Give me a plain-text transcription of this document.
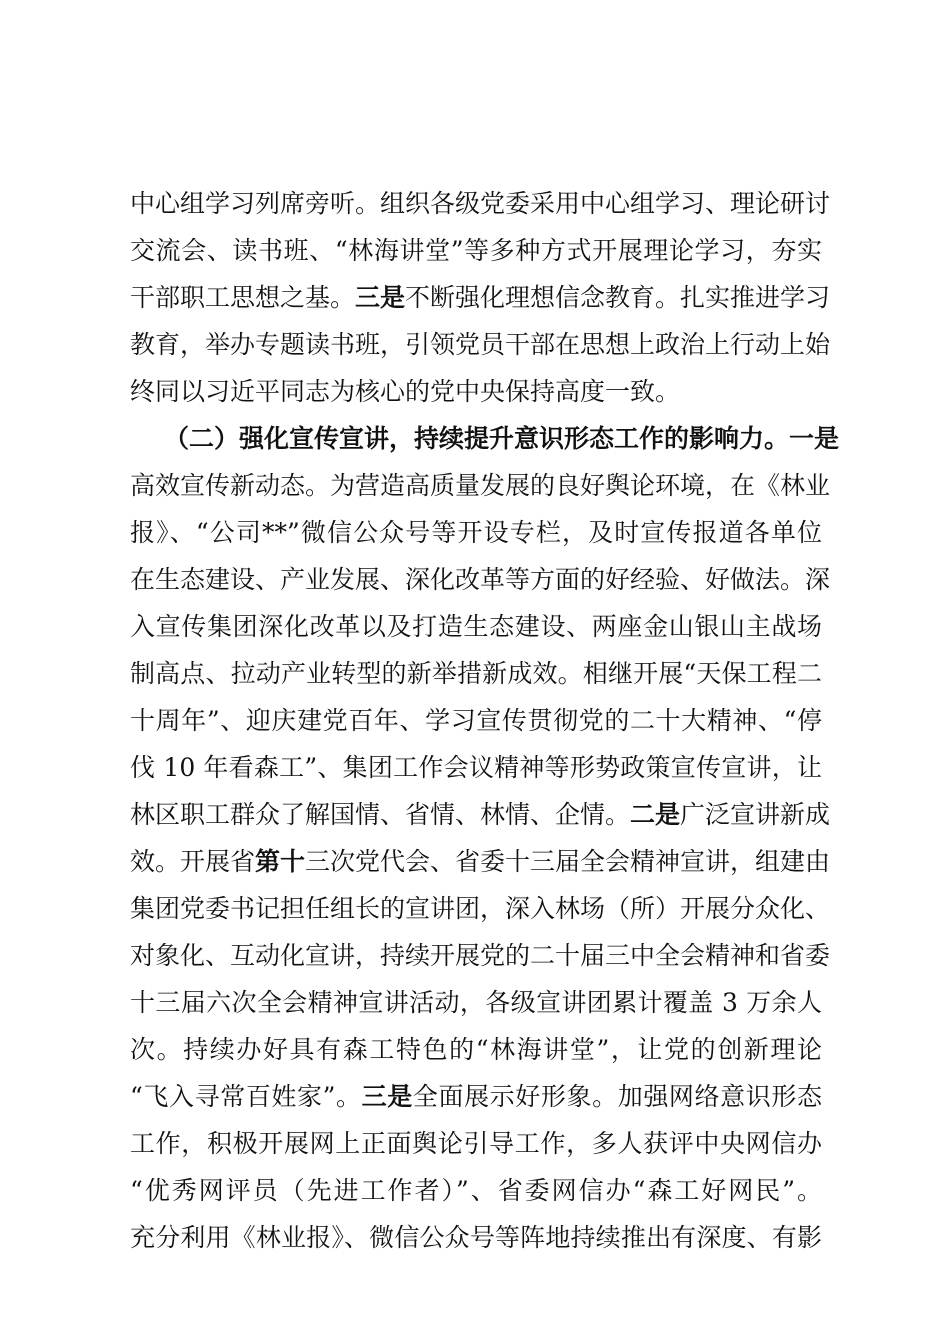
中心组学习列席旁听。组织各级党委采用中心组学习、理论研讨
交流会、读书班、“林海讲堂”等多种方式开展理论学习，夯实
干部职工思想之基。三是不断强化理想信念教育。扎实推进学习
教育，举办专题读书班，引领党员干部在思想上政治上行动上始
终同以习近平同志为核心的党中央保持高度一致。
（二）强化宣传宣讲，持续提升意识形态工作的影响力。一是
高效宣传新动态。为营造高质量发展的良好舆论环境，在《林业
报》、“公司**”微信公众号等开设专栏，及时宣传报道各单位
在生态建设、产业发展、深化改革等方面的好经验、好做法。深
入宣传集团深化改革以及打造生态建设、两座金山银山主战场
制高点、拉动产业转型的新举措新成效。相继开展“天保工程二
十周年”、迎庆建党百年、学习宣传贯彻党的二十大精神、“停
伐 10 年看森工”、集团工作会议精神等形势政策宣传宣讲，让
林区职工群众了解国情、省情、林情、企情。二是广泛宣讲新成
效。开展省第十三次党代会、省委十三届全会精神宣讲，组建由
集团党委书记担任组长的宣讲团，深入林场（所）开展分众化、
对象化、互动化宣讲，持续开展党的二十届三中全会精神和省委
十三届六次全会精神宣讲活动，各级宣讲团累计覆盖 3 万余人
次。持续办好具有森工特色的“林海讲堂”，让党的创新理论
“飞入寻常百姓家”。三是全面展示好形象。加强网络意识形态
工作，积极开展网上正面舆论引导工作，多人获评中央网信办
“优秀网评员（先进工作者）”、省委网信办“森工好网民”。
充分利用《林业报》、微信公众号等阵地持续推出有深度、有影
